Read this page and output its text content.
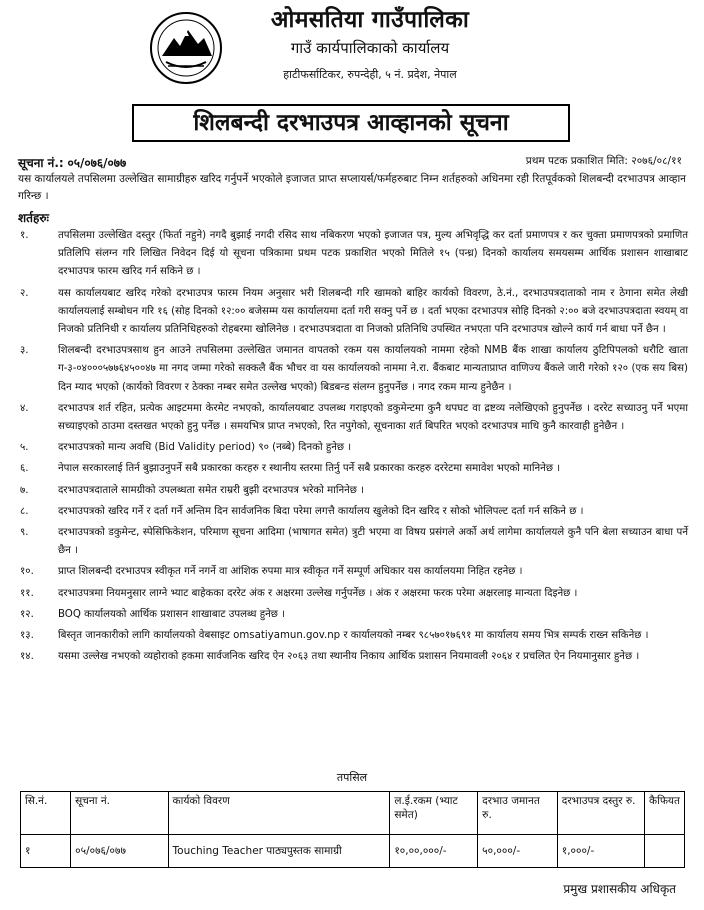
ओमसतिया गाउँपालिका
गाउँ कार्यपालिकाको कार्यालय
हाटीफर्साटिकर, रुपन्देही, ५ नं. प्रदेश, नेपाल
शिलबन्दी दरभाउपत्र आव्हानको सूचना
सूचना नं.: ०५/०७६/०७७	प्रथम पटक प्रकाशित मिति: २०७६/०८/११
यस कार्यालयले तपसिलमा उल्लेखित सामाग्रीहरु खरिद गर्नुपर्ने भएकोले इजाजत प्राप्त सप्लायर्स/फर्महरुबाट निम्न शर्तहरुको अधिनमा रही रितपूर्वकको शिलबन्दी दरभाउपत्र आव्हान गरिन्छ ।
शर्तहरुः
१.	तपसिलमा उल्लेखित दस्तुर (फिर्ता नहुने) नगदै बुझाई नगदी रसिद साथ नबिकरण भएको इजाजत पत्र, मुल्य अभिवृद्धि कर दर्ता प्रमाणपत्र र कर चुक्ता प्रमाणपत्रको प्रमाणित प्रतिलिपि संलग्न गरि लिखित निवेदन दिई यो सूचना पत्रिकामा प्रथम पटक प्रकाशित भएको मितिले १५ (पन्ध्र) दिनको कार्यालय समयसम्म आर्थिक प्रशासन शाखाबाट दरभाउपत्र फारम खरिद गर्न सकिने छ ।
२.	यस कार्यालयबाट खरिद गरेको दरभाउपत्र फारम नियम अनुसार भरी शिलबन्दी गरि खामको बाहिर कार्यको विवरण, ठे.नं., दरभाउपत्रदाताको नाम र ठेगाना समेत लेखी कार्यालयलाई सम्बोधन गरि १६ (सोह दिनको १२:०० बजेसम्म यस कार्यालयमा दर्ता गरी सक्नु पर्ने छ । दर्ता भएका दरभाउपत्र सोहि दिनको २:०० बजे दरभाउपत्रदाता स्वयम् वा निजको प्रतिनिधी र कार्यालय प्रतिनिधिहरुको रोहबरमा खोलिनेछ । दरभाउपत्रदाता वा निजको प्रतिनिधि उपस्थित नभएता पनि दरभाउपत्र खोल्ने कार्य गर्न बाधा पर्ने छैन ।
३.	शिलबन्दी दरभाउपत्रसाथ हुन आउने तपसिलमा उल्लेखित जमानत वापतको रकम यस कार्यालयको नाममा रहेको NMB बैंक शाखा कार्यालय ठुटिपिपलको धरौटि खाता ग-३-०४०००५७७६४५००४७ मा नगद जम्मा गरेको सक्कलै बैंक भौचर वा यस कार्यालयको नाममा ने.रा. बैंकबाट मान्यताप्राप्त वाणिज्य बैंकले जारी गरेको १२० (एक सय बिस) दिन म्याद भएको (कार्यको विवरण र ठेक्का नम्बर समेत उल्लेख भएको) बिडबन्ड संलग्न हुनुपर्नेछ । नगद रकम मान्य हुनेछैन ।
४.	दरभाउपत्र शर्त रहित, प्रत्येक आइटममा केरमेट नभएको, कार्यालयबाट उपलब्ध गराइएको डकुमेन्टमा कुनै थपघट वा द्रष्टव्य नलेखिएको हुनुपर्नेछ । दररेट सच्याउनु पर्ने भएमा सच्याइएको ठाउमा दस्तखत भएको हुनु पर्नेछ । समयभित्र प्राप्त नभएको, रित नपुगेको, सूचनाका शर्त बिपरित भएको दरभाउपत्र माथि कुनै कारवाही हुनेछैन ।
५.	दरभाउपत्रको मान्य अवधि (Bid Validity period) ९० (नब्बे) दिनको हुनेछ ।
६.	नेपाल सरकारलाई तिर्न बुझाउनुपर्ने सबै प्रकारका करहरु र स्थानीय स्तरमा तिर्नु पर्ने सबै प्रकारका करहरु दररेटमा समावेश भएको मानिनेछ ।
७.	दरभाउपत्रदाताले सामग्रीको उपलब्धता समेत राम्ररी बुझी दरभाउपत्र भरेको मानिनेछ ।
८.	दरभाउपत्रको खरिद गर्ने र दर्ता गर्ने अन्तिम दिन सार्वजनिक बिदा परेमा लगत्तै कार्यालय खुलेको दिन खरिद र सोको भोलिपल्ट दर्ता गर्न सकिने छ ।
९.	दरभाउपत्रको डकुमेन्ट, स्पेसिफिकेशन, परिमाण सूचना आदिमा (भाषागत समेत) त्रुटी भएमा वा विषय प्रसंगले अर्को अर्थ लागेमा कार्यालयले कुनै पनि बेला सच्याउन बाधा पर्ने छैन ।
१०.	प्राप्त शिलबन्दी दरभाउपत्र स्वीकृत गर्ने नगर्ने वा आंशिक रुपमा मात्र स्वीकृत गर्ने सम्पूर्ण अधिकार यस कार्यालयमा निहित रहनेछ ।
११.	दरभाउपत्रमा नियमनुसार लाग्ने भ्याट बाहेकका दररेट अंक र अक्षरमा उल्लेख गर्नुपर्नेछ । अंक र अक्षरमा फरक परेमा अक्षरलाइ मान्यता दिइनेछ ।
१२.	BOQ कार्यालयको आर्थिक प्रशासन शाखाबाट उपलब्ध हुनेछ ।
१३.	बिस्तृत जानकारीको लागि कार्यालयको वेबसाइट omsatiyamun.gov.np र कार्यालयको नम्बर ९८५७०१७६९१ मा कार्यालय समय भित्र सम्पर्क राख्न सकिनेछ ।
१४.	यसमा उल्लेख नभएको व्यहोराको हकमा सार्वजनिक खरिद ऐन २०६३ तथा स्थानीय निकाय आर्थिक प्रशासन नियमावली २०६४ र प्रचलित ऐन नियमानुसार हुनेछ ।
तपसिल
सि.नं.	सूचना नं.	कार्यको विवरण	ल.ई.रकम (भ्याट समेत)	दरभाउ जमानत रु.	दरभाउपत्र दस्तुर रु.	कैफियत
१	०५/०७६/०७७	Touching Teacher पाठ्यपुस्तक सामाग्री	१०,००,०००/-	५०,०००/-	१,०००/-	
प्रमुख प्रशासकीय अधिकृत
